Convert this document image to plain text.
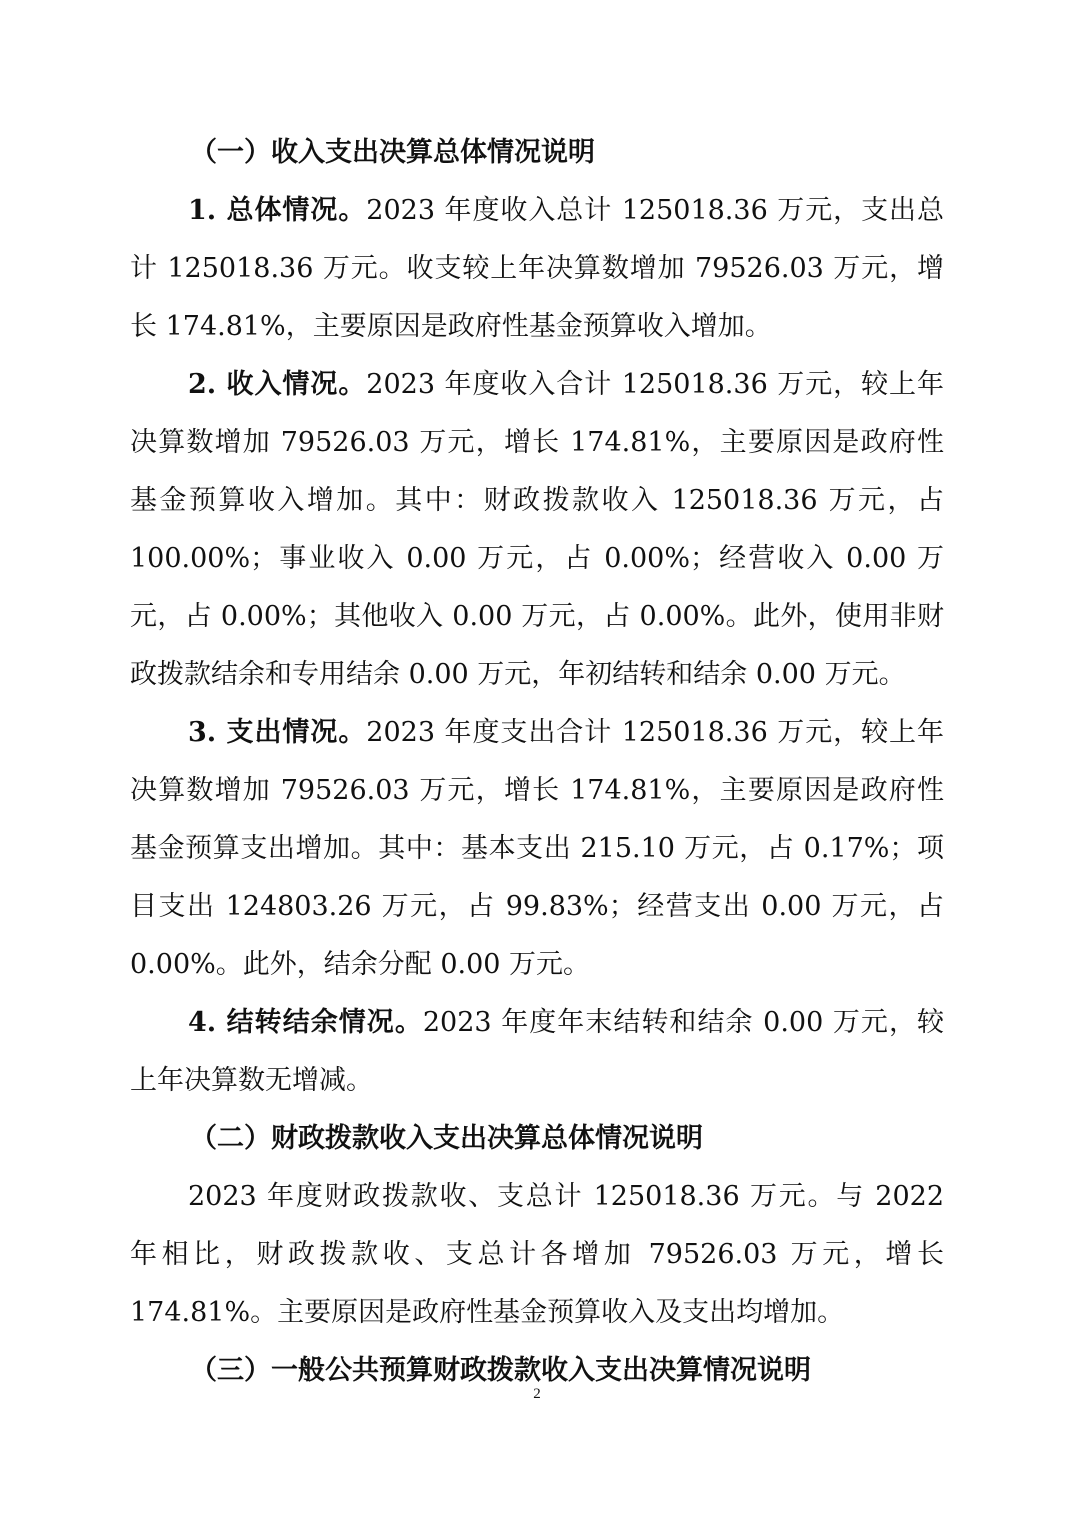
（一）收入支出决算总体情况说明

1. 总体情况。2023 年度收入总计 125018.36 万元，支出总计 125018.36 万元。收支较上年决算数增加 79526.03 万元，增长 174.81%，主要原因是政府性基金预算收入增加。

2. 收入情况。2023 年度收入合计 125018.36 万元，较上年决算数增加 79526.03 万元，增长 174.81%，主要原因是政府性基金预算收入增加。其中：财政拨款收入 125018.36 万元，占 100.00%；事业收入 0.00 万元，占 0.00%；经营收入 0.00 万元，占 0.00%；其他收入 0.00 万元，占 0.00%。此外，使用非财政拨款结余和专用结余 0.00 万元，年初结转和结余 0.00 万元。

3. 支出情况。2023 年度支出合计 125018.36 万元，较上年决算数增加 79526.03 万元，增长 174.81%，主要原因是政府性基金预算支出增加。其中：基本支出 215.10 万元，占 0.17%；项目支出 124803.26 万元，占 99.83%；经营支出 0.00 万元，占 0.00%。此外，结余分配 0.00 万元。

4. 结转结余情况。2023 年度年末结转和结余 0.00 万元，较上年决算数无增减。

（二）财政拨款收入支出决算总体情况说明

2023 年度财政拨款收、支总计 125018.36 万元。与 2022 年相比，财政拨款收、支总计各增加 79526.03 万元，增长 174.81%。主要原因是政府性基金预算收入及支出均增加。

（三）一般公共预算财政拨款收入支出决算情况说明

2
